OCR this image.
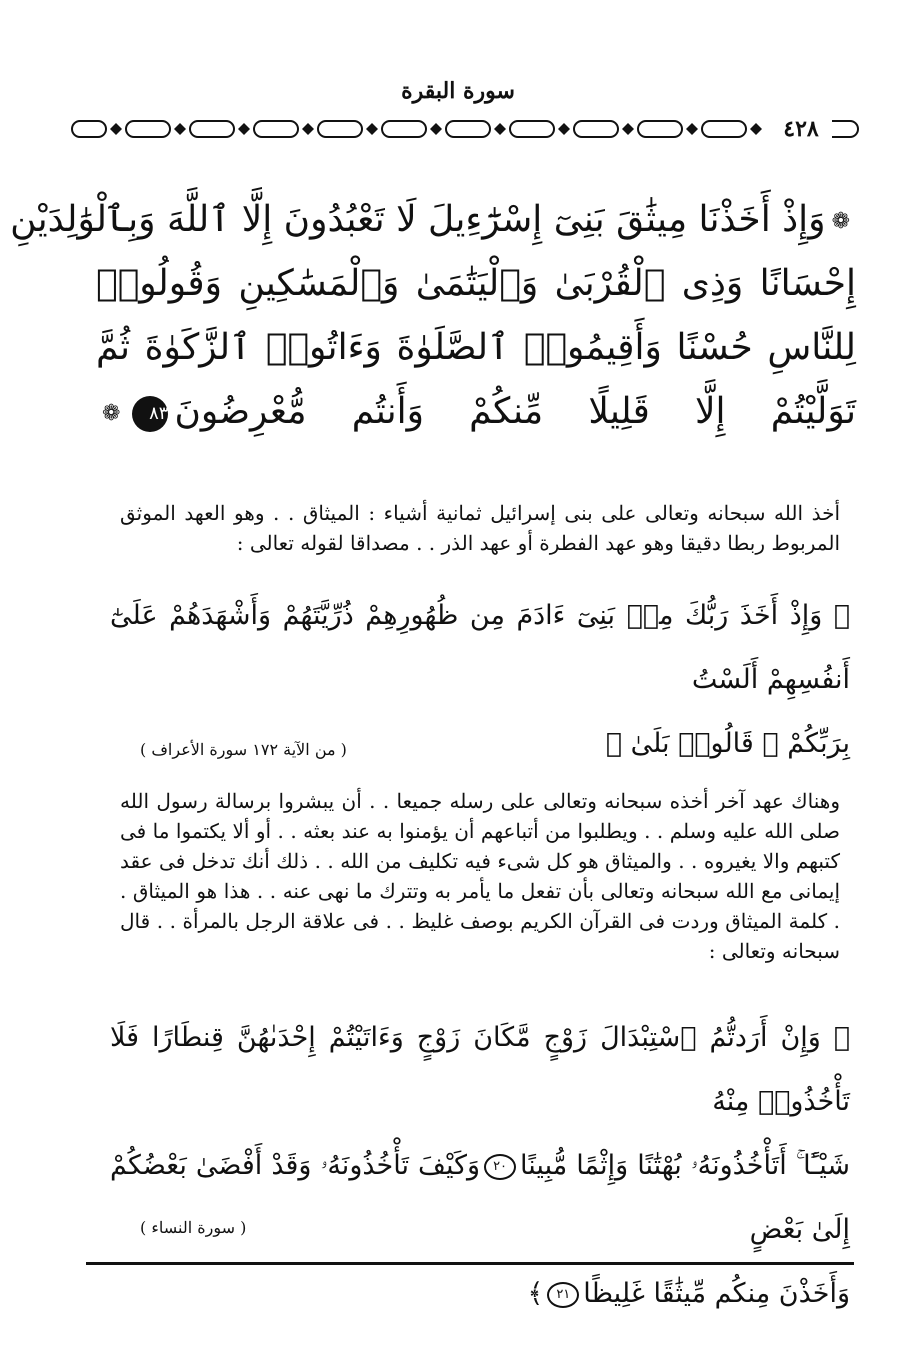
سورة البقرة
٤٢٨
❁وَإِذْ أَخَذْنَا مِيثَٰقَ بَنِىٓ إِسْرَٰٓءِيلَ لَا تَعْبُدُونَ إِلَّا ٱللَّهَ وَبِٱلْوَٰلِدَيْنِ
إِحْسَانًا وَذِى ٱلْقُرْبَىٰ وَٱلْيَتَٰمَىٰ وَٱلْمَسَٰكِينِ وَقُولُوا۟
لِلنَّاسِ حُسْنًا وَأَقِيمُوا۟ ٱلصَّلَوٰةَ وَءَاتُوا۟ ٱلزَّكَوٰةَ ثُمَّ
تَوَلَّيْتُمْ إِلَّا قَلِيلًا مِّنكُمْ وَأَنتُم مُّعْرِضُونَ٨٣❁

أخذ الله سبحانه وتعالى على بنى إسرائيل ثمانية أشياء : الميثاق . . وهو العهد الموثق المربوط ربطا دقيقا وهو عهد الفطرة أو عهد الذر . . مصداقا لقوله تعالى :

﴿ وَإِذْ أَخَذَ رَبُّكَ مِنۢ بَنِىٓ ءَادَمَ مِن ظُهُورِهِمْ ذُرِّيَّتَهُمْ وَأَشْهَدَهُمْ عَلَىٰٓ أَنفُسِهِمْ أَلَسْتُ

بِرَبِّكُمْ ۖ قَالُوا۟ بَلَىٰ ﴾

( من الآية ١٧٢ سورة الأعراف )

وهناك عهد آخر أخذه سبحانه وتعالى على رسله جميعا . . أن يبشروا برسالة رسول الله صلى الله عليه وسلم . . ويطلبوا من أتباعهم أن يؤمنوا به عند بعثه . . أو ألا يكتموا ما فى كتبهم والا يغيروه . . والميثاق هو كل شىء فيه تكليف من الله . . ذلك أنك تدخل فى عقد إيمانى مع الله سبحانه وتعالى بأن تفعل ما يأمر به وتترك ما نهى عنه . . هذا هو الميثاق . . كلمة الميثاق وردت فى القرآن الكريم بوصف غليظ . . فى علاقة الرجل بالمرأة . . قال سبحانه وتعالى :

﴿ وَإِنْ أَرَدتُّمُ ٱسْتِبْدَالَ زَوْجٍ مَّكَانَ زَوْجٍ وَءَاتَيْتُمْ إِحْدَىٰهُنَّ قِنطَارًا فَلَا تَأْخُذُوا۟ مِنْهُ

شَيْـًٔا ۚ أَتَأْخُذُونَهُۥ بُهْتَٰنًا وَإِثْمًا مُّبِينًا٢٠وَكَيْفَ تَأْخُذُونَهُۥ وَقَدْ أَفْضَىٰ بَعْضُكُمْ إِلَىٰ بَعْضٍ

وَأَخَذْنَ مِنكُم مِّيثَٰقًا غَلِيظًا٢١﴾

( سورة النساء )
